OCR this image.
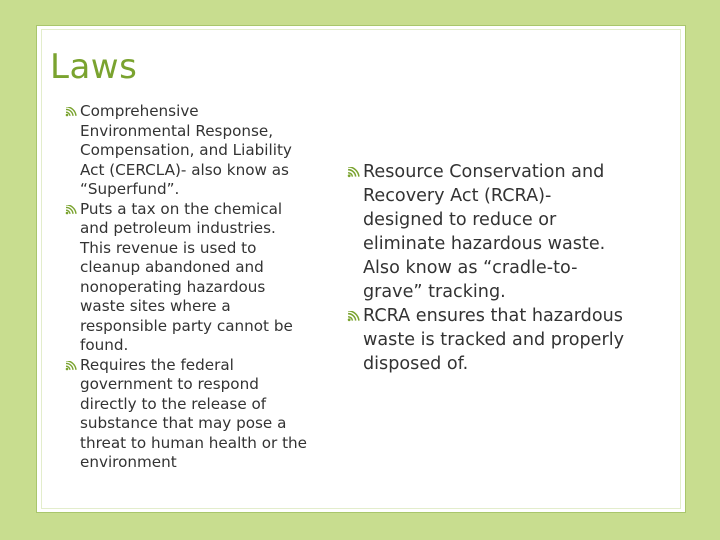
Laws
Comprehensive Environmental Response, Compensation, and Liability Act (CERCLA)- also know as “Superfund”.
Puts a tax on the chemical and petroleum industries. This revenue is used to cleanup abandoned and nonoperating hazardous waste sites where a responsible party cannot be found.
Requires the federal government to respond directly to the release of substance that may pose a threat to human health or the environment
Resource Conservation and Recovery Act (RCRA)- designed to reduce or eliminate hazardous waste. Also know as “cradle-to-grave” tracking.
RCRA ensures that hazardous waste is tracked and properly disposed of.
